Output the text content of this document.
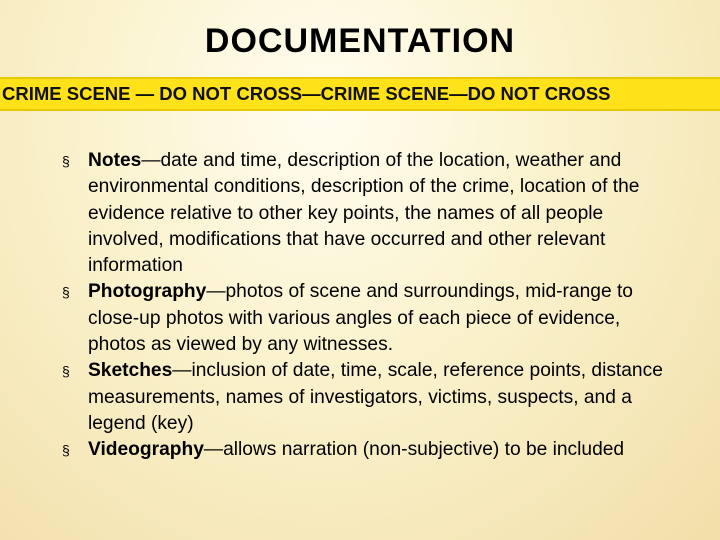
DOCUMENTATION
CRIME SCENE — DO NOT CROSS—CRIME SCENE—DO NOT CROSS
§ Notes—date and time, description of the location, weather and environmental conditions, description of the crime, location of the evidence relative to other key points, the names of all people involved, modifications that have occurred and other relevant information
§ Photography—photos of scene and surroundings, mid-range to close-up photos with various angles of each piece of evidence, photos as viewed by any witnesses.
§ Sketches—inclusion of date, time, scale, reference points, distance measurements, names of investigators, victims, suspects, and a legend (key)
§ Videography—allows narration (non-subjective) to be included
